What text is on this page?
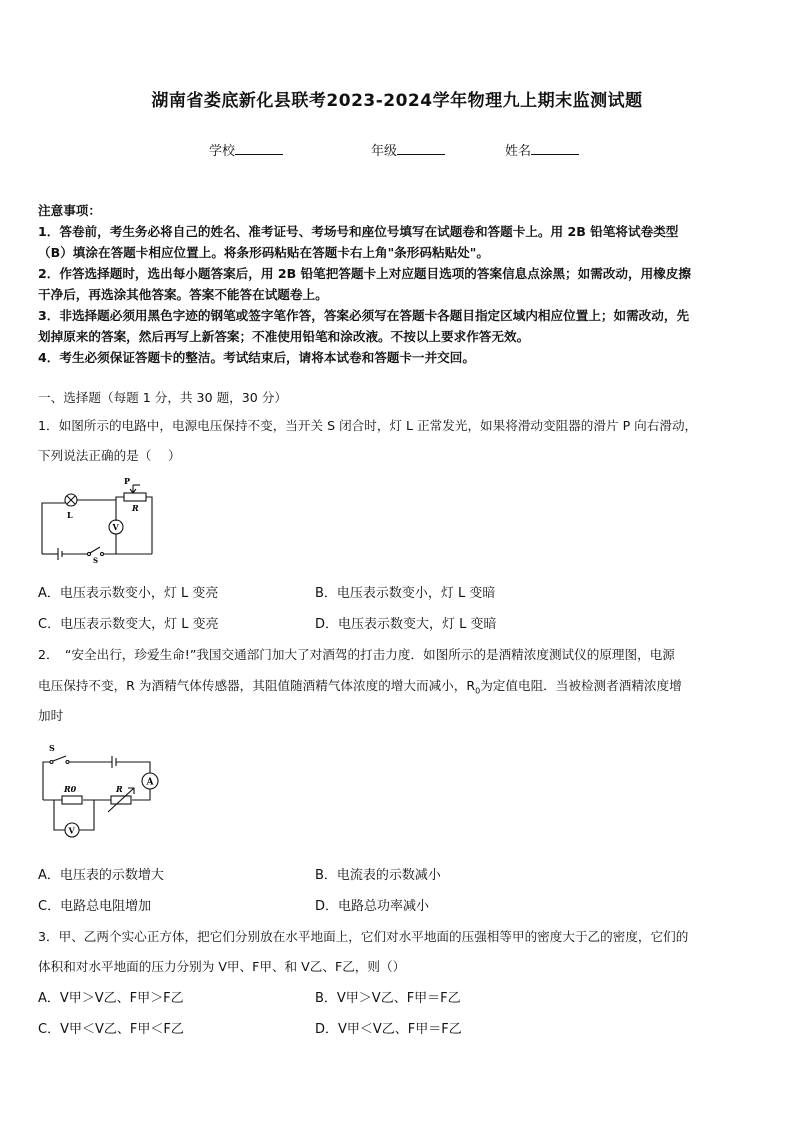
湖南省娄底新化县联考2023-2024学年物理九上期末监测试题
学校	年级	姓名
注意事项：
1．答卷前，考生务必将自己的姓名、准考证号、考场号和座位号填写在试题卷和答题卡上。用 2B 铅笔将试卷类型
（B）填涂在答题卡相应位置上。将条形码粘贴在答题卡右上角"条形码粘贴处"。
2．作答选择题时，选出每小题答案后，用 2B 铅笔把答题卡上对应题目选项的答案信息点涂黑；如需改动，用橡皮擦
干净后，再选涂其他答案。答案不能答在试题卷上。
3．非选择题必须用黑色字迹的钢笔或签字笔作答，答案必须写在答题卡各题目指定区域内相应位置上；如需改动，先
划掉原来的答案，然后再写上新答案；不准使用铅笔和涂改液。不按以上要求作答无效。
4．考生必须保证答题卡的整洁。考试结束后，请将本试卷和答题卡一并交回。
一、选择题（每题 1 分，共 30 题，30 分）
1．如图所示的电路中，电源电压保持不变，当开关 S 闭合时，灯 L 正常发光，如果将滑动变阻器的滑片 P 向右滑动，
下列说法正确的是（　 ）
P
R
L
V
S
A．电压表示数变小，灯 L 变亮	B．电压表示数变小，灯 L 变暗
C．电压表示数变大，灯 L 变亮	D．电压表示数变大，灯 L 变暗
2．　“安全出行，珍爱生命!”我国交通部门加大了对酒驾的打击力度．如图所示的是酒精浓度测试仪的原理图，电源
电压保持不变，R 为酒精气体传感器，其阻值随酒精气体浓度的增大而减小，$R_0$为定值电阻．当被检测者酒精浓度增
加时
S
A
R0	R
V
A．电压表的示数增大	B．电流表的示数减小
C．电路总电阻增加	D．电路总功率减小
3．甲、乙两个实心正方体，把它们分别放在水平地面上，它们对水平地面的压强相等甲的密度大于乙的密度，它们的
体积和对水平地面的压力分别为 V甲、F甲、和 V乙、F乙，则（）
A．V甲＞V乙、F甲＞F乙	B．V甲＞V乙、F甲＝F乙
C．V甲＜V乙、F甲＜F乙	D．V甲＜V乙、F甲＝F乙
